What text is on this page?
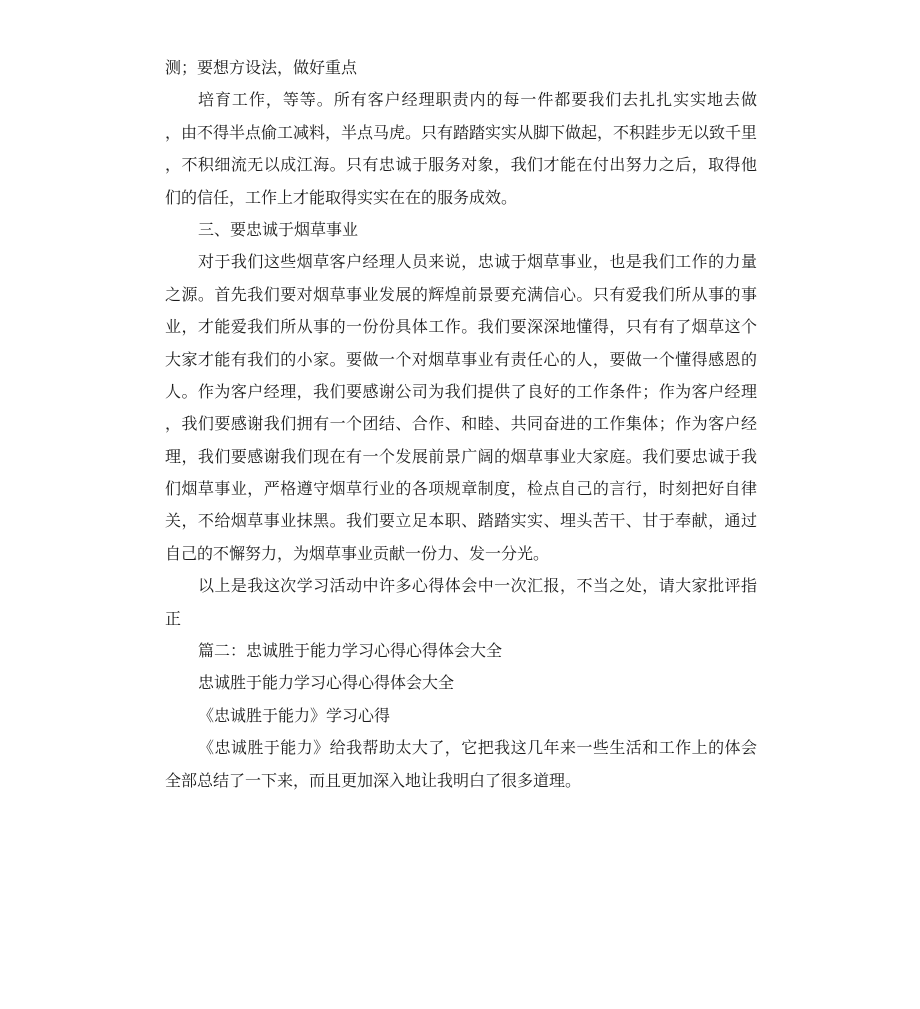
测；要想方设法，做好重点
培育工作，等等。所有客户经理职责内的每一件都要我们去扎扎实实地去做
，由不得半点偷工减料，半点马虎。只有踏踏实实从脚下做起，不积跬步无以致千里
，不积细流无以成江海。只有忠诚于服务对象，我们才能在付出努力之后，取得他
们的信任，工作上才能取得实实在在的服务成效。
三、要忠诚于烟草事业
对于我们这些烟草客户经理人员来说，忠诚于烟草事业，也是我们工作的力量
之源。首先我们要对烟草事业发展的辉煌前景要充满信心。只有爱我们所从事的事
业，才能爱我们所从事的一份份具体工作。我们要深深地懂得，只有有了烟草这个
大家才能有我们的小家。要做一个对烟草事业有责任心的人，要做一个懂得感恩的
人。作为客户经理，我们要感谢公司为我们提供了良好的工作条件；作为客户经理
，我们要感谢我们拥有一个团结、合作、和睦、共同奋进的工作集体；作为客户经
理，我们要感谢我们现在有一个发展前景广阔的烟草事业大家庭。我们要忠诚于我
们烟草事业，严格遵守烟草行业的各项规章制度，检点自己的言行，时刻把好自律
关，不给烟草事业抹黑。我们要立足本职、踏踏实实、埋头苦干、甘于奉献，通过
自己的不懈努力，为烟草事业贡献一份力、发一分光。
以上是我这次学习活动中许多心得体会中一次汇报，不当之处，请大家批评指
正
篇二：忠诚胜于能力学习心得心得体会大全
忠诚胜于能力学习心得心得体会大全
《忠诚胜于能力》学习心得
《忠诚胜于能力》给我帮助太大了，它把我这几年来一些生活和工作上的体会
全部总结了一下来，而且更加深入地让我明白了很多道理。
